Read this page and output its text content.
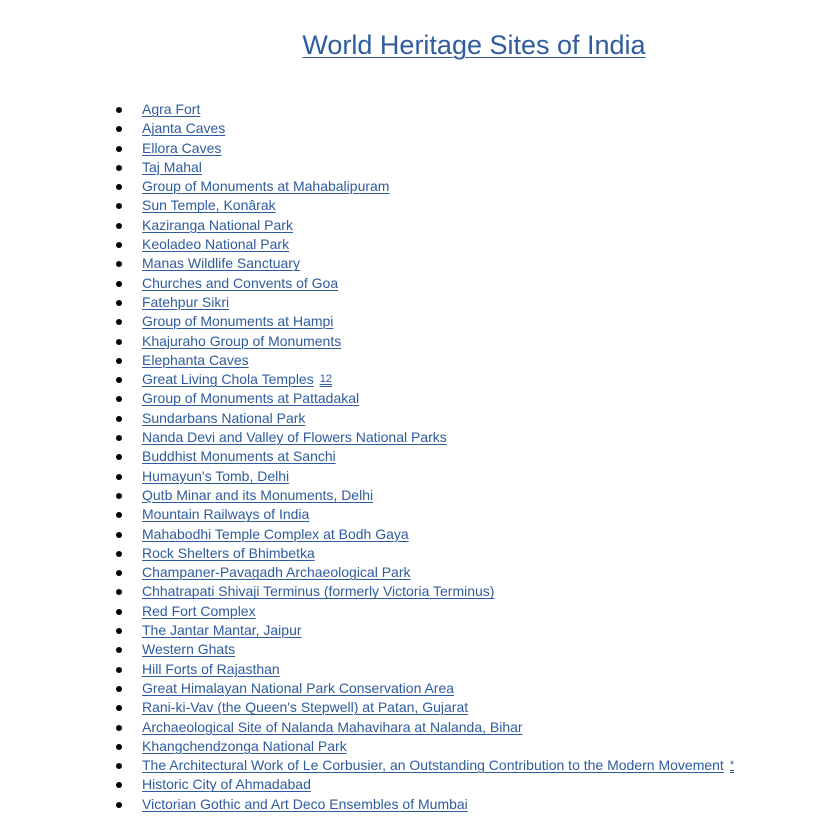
World Heritage Sites of India
Agra Fort
Ajanta Caves
Ellora Caves
Taj Mahal
Group of Monuments at Mahabalipuram
Sun Temple, Konârak
Kaziranga National Park
Keoladeo National Park
Manas Wildlife Sanctuary
Churches and Convents of Goa
Fatehpur Sikri
Group of Monuments at Hampi
Khajuraho Group of Monuments
Elephanta Caves
Great Living Chola Temples 12
Group of Monuments at Pattadakal
Sundarbans National Park
Nanda Devi and Valley of Flowers National Parks
Buddhist Monuments at Sanchi
Humayun's Tomb, Delhi
Qutb Minar and its Monuments, Delhi
Mountain Railways of India
Mahabodhi Temple Complex at Bodh Gaya
Rock Shelters of Bhimbetka
Champaner-Pavagadh Archaeological Park
Chhatrapati Shivaji Terminus (formerly Victoria Terminus)
Red Fort Complex
The Jantar Mantar, Jaipur
Western Ghats
Hill Forts of Rajasthan
Great Himalayan National Park Conservation Area
Rani-ki-Vav (the Queen's Stepwell) at Patan, Gujarat
Archaeological Site of Nalanda Mahavihara at Nalanda, Bihar
Khangchendzonga National Park
The Architectural Work of Le Corbusier, an Outstanding Contribution to the Modern Movement *
Historic City of Ahmadabad
Victorian Gothic and Art Deco Ensembles of Mumbai
